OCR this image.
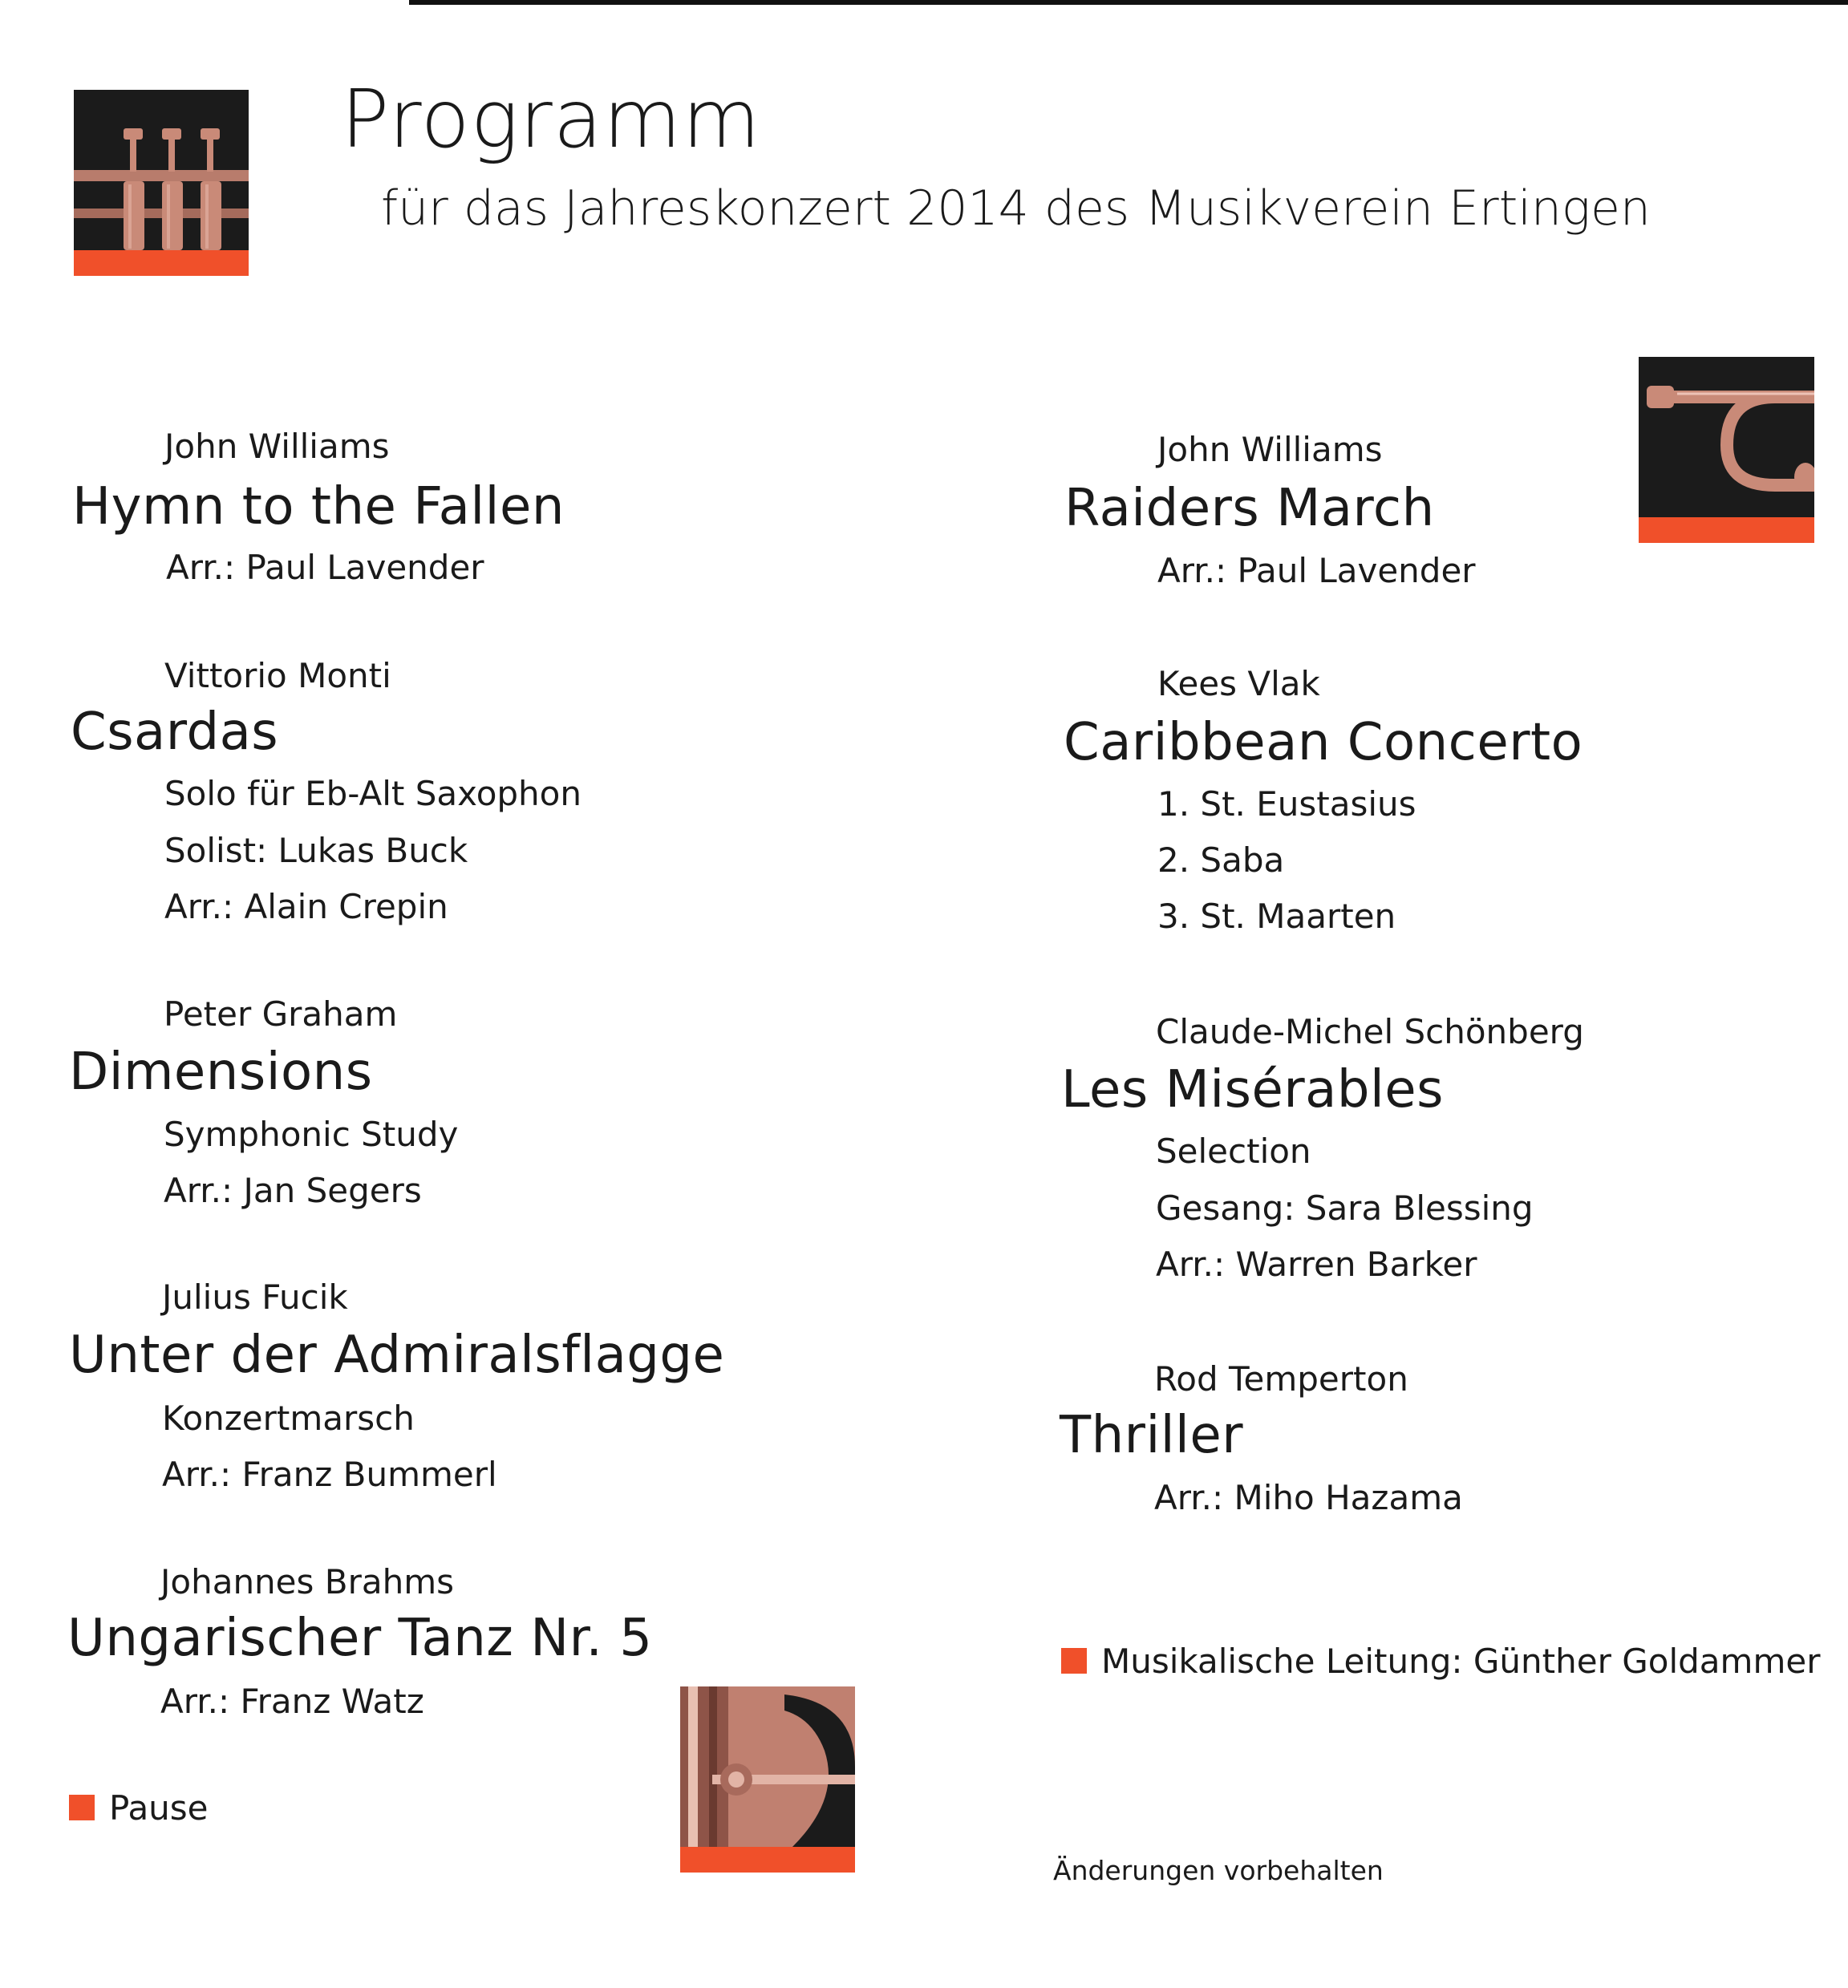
Programm
für das Jahreskonzert 2014 des Musikverein Ertingen
John Williams
Hymn to the Fallen
Arr.: Paul Lavender
Vittorio Monti
Csardas
Solo für Eb-Alt Saxophon
Solist: Lukas Buck
Arr.: Alain Crepin
Peter Graham
Dimensions
Symphonic Study
Arr.: Jan Segers
Julius Fucik
Unter der Admiralsflagge
Konzertmarsch
Arr.: Franz Bummerl
Johannes Brahms
Ungarischer Tanz Nr. 5
Arr.: Franz Watz
Pause
John Williams
Raiders March
Arr.: Paul Lavender
Kees Vlak
Caribbean Concerto
1. St. Eustasius
2. Saba
3. St. Maarten
Claude-Michel Schönberg
Les Misérables
Selection
Gesang: Sara Blessing
Arr.: Warren Barker
Rod Temperton
Thriller
Arr.: Miho Hazama
Musikalische Leitung: Günther Goldammer
Änderungen vorbehalten
